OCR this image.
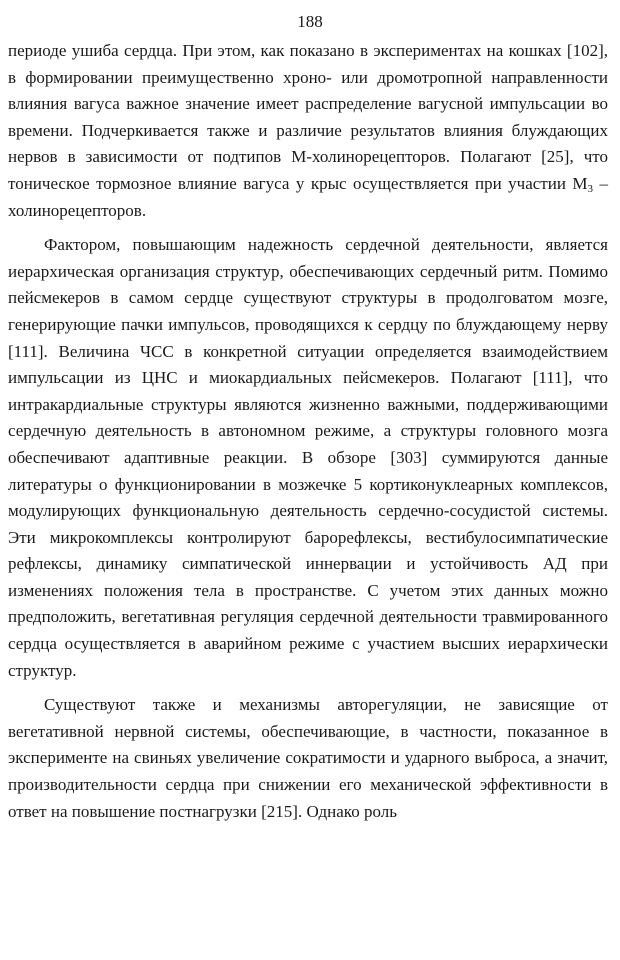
188

периоде ушиба сердца. При этом, как показано в экспериментах на кошках [102], в формировании преимущественно хроно- или дромотропной направленности влияния вагуса важное значение имеет распределение вагусной импульсации во времени. Подчеркивается также и различие результатов влияния блуждающих нервов в зависимости от подтипов М-холинорецепторов. Полагают [25], что тоническое тормозное влияние вагуса у крыс осуществляется при участии $М_3$ –холинорецепторов.

Фактором, повышающим надежность сердечной деятельности, является иерархическая организация структур, обеспечивающих сердечный ритм. Помимо пейсмекеров в самом сердце существуют структуры в продолговатом мозге, генерирующие пачки импульсов, проводящихся к сердцу по блуждающему нерву [111]. Величина ЧСС в конкретной ситуации определяется взаимодействием импульсации из ЦНС и миокардиальных пейсмекеров. Полагают [111], что интракардиальные структуры являются жизненно важными, поддерживающими сердечную деятельность в автономном режиме, а структуры головного мозга обеспечивают адаптивные реакции. В обзоре [303] суммируются данные литературы о функционировании в мозжечке 5 кортиконуклеарных комплексов, модулирующих функциональную деятельность сердечно-сосудистой системы. Эти микрокомплексы контролируют барорефлексы, вестибулосимпатические рефлексы, динамику симпатической иннервации и устойчивость АД при изменениях положения тела в пространстве. С учетом этих данных можно предположить, вегетативная регуляция сердечной деятельности травмированного сердца осуществляется в аварийном режиме с участием высших иерархически структур.

Существуют также и механизмы авторегуляции, не зависящие от вегетативной нервной системы, обеспечивающие, в частности, показанное в эксперименте на свиньях увеличение сократимости и ударного выброса, а значит, производительности сердца при снижении его механической эффективности в ответ на повышение постнагрузки [215]. Однако роль
